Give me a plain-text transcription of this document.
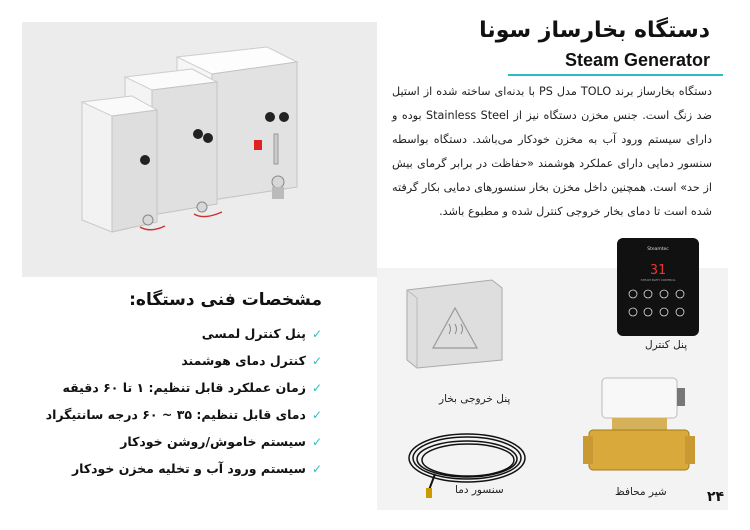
دستگاه بخارساز سونا
Steam Generator
دستگاه بخارساز برند TOLO مدل PS با بدنه‌ای ساخته شده از استیل ضد زنگ است. جنس مخزن دستگاه نیز از Stainless Steel بوده و دارای سیستم ورود آب به مخزن خودکار می‌باشد. دستگاه بواسطه سنسور دمایی دارای عملکرد هوشمند «حفاظت در برابر گرمای بیش از حد» است. همچنین داخل مخزن بخار سنسورهای دمایی بکار گرفته شده است تا دمای بخار خروجی کنترل شده و مطبوع باشد.
مشخصات فنی دستگاه:
✓
پنل کنترل لمسی
✓
کنترل دمای هوشمند
✓
زمان عملکرد قابل تنظیم: ۱ تا ۶۰ دقیقه
✓
دمای قابل تنظیم: ۳۵ ~ ۶۰ درجه سانتیگراد
✓
سیستم خاموش/روشن خودکار
✓
سیستم ورود آب و تخلیه مخزن خودکار
Steamtec
31
STEAM BATH CONTROL
پنل کنترل
پنل خروجی بخار
سنسور دما	شیر محافظ	۲۴
